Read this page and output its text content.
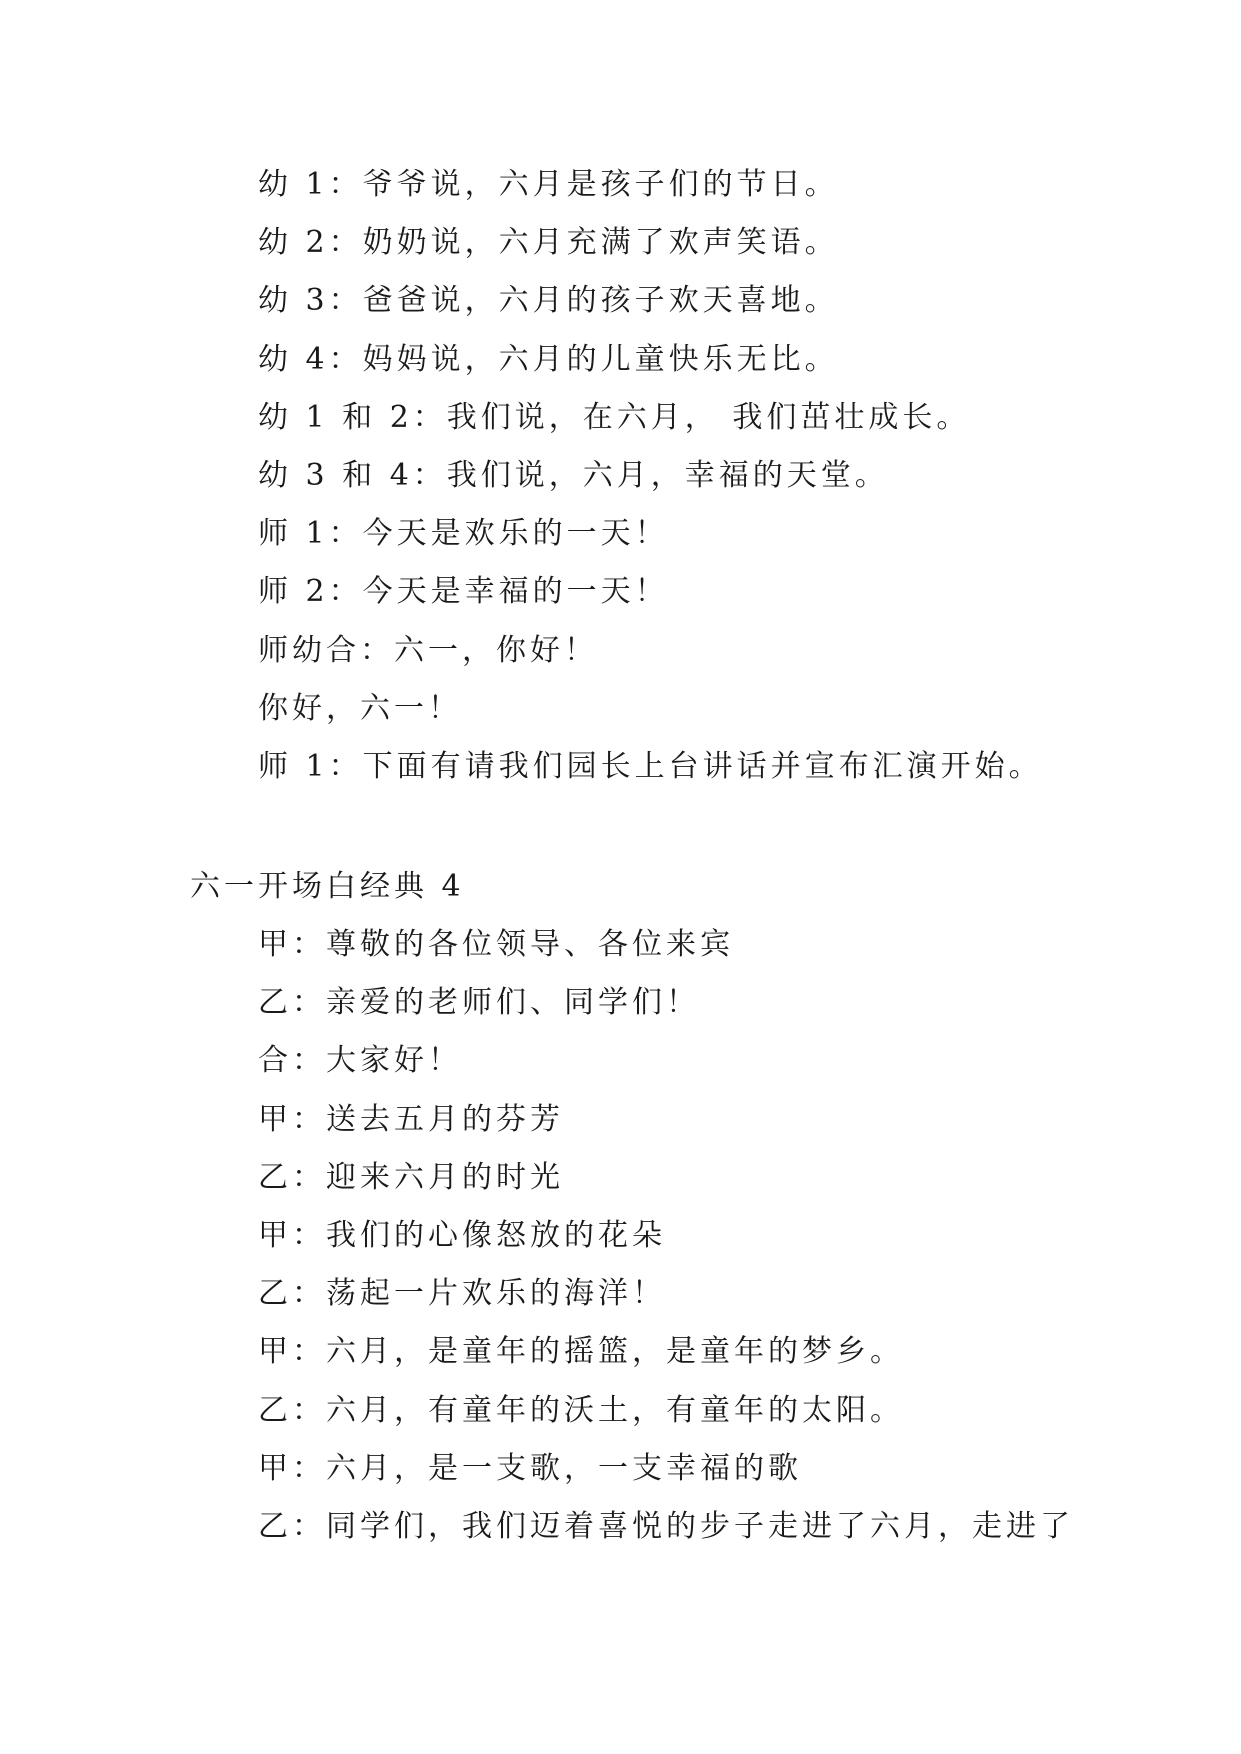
幼 1：爷爷说，六月是孩子们的节日。
幼 2：奶奶说，六月充满了欢声笑语。
幼 3：爸爸说，六月的孩子欢天喜地。
幼 4：妈妈说，六月的儿童快乐无比。
幼 1 和 2：我们说，在六月， 我们茁壮成长。
幼 3 和 4：我们说，六月，幸福的天堂。
师 1：今天是欢乐的一天！
师 2：今天是幸福的一天！
师幼合：六一，你好！
你好，六一！
师 1：下面有请我们园长上台讲话并宣布汇演开始。
六一开场白经典 4
甲：尊敬的各位领导、各位来宾
乙：亲爱的老师们、同学们！
合：大家好！
甲：送去五月的芬芳
乙：迎来六月的时光
甲：我们的心像怒放的花朵
乙：荡起一片欢乐的海洋！
甲：六月，是童年的摇篮，是童年的梦乡。
乙：六月，有童年的沃土，有童年的太阳。
甲：六月，是一支歌，一支幸福的歌
乙：同学们，我们迈着喜悦的步子走进了六月，走进了
